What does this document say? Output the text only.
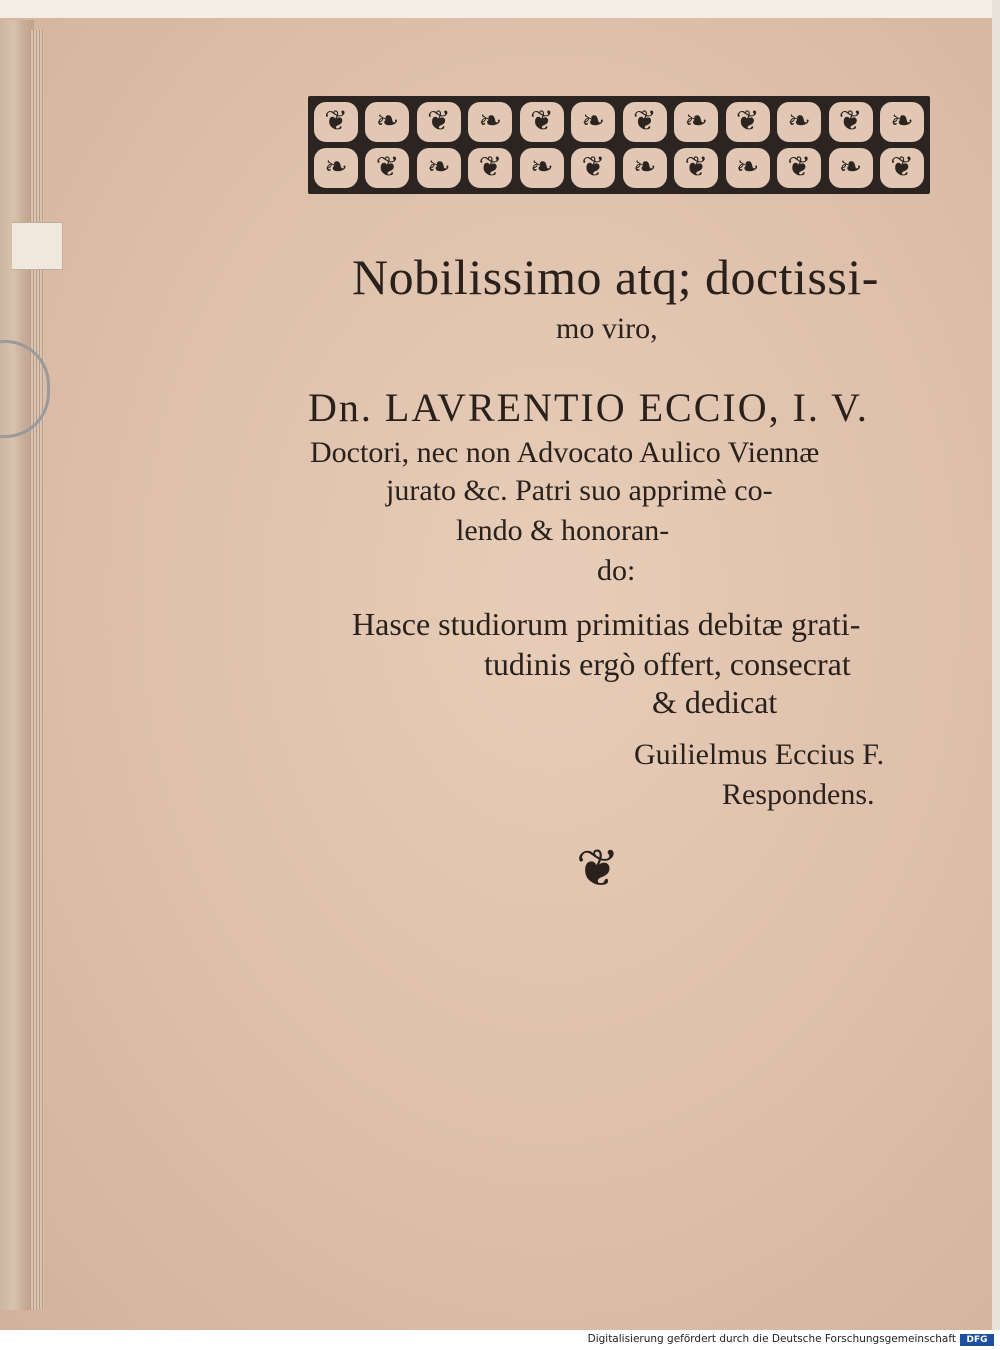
❦ ❧ ❦ ❧ ❦ ❧ ❦ ❧ ❦ ❧ ❦ ❧
❧ ❦ ❧ ❦ ❧ ❦ ❧ ❦ ❧ ❦ ❧ ❦
Nobilissimo atq; doctissi-
mo viro,
Dn. LAVRENTIO ECCIO, I. V.
Doctori, nec non Advocato Aulico Viennæ
jurato &c. Patri suo apprimè co-
lendo & honoran-
do:
Hasce studiorum primitias debitæ grati-
tudinis ergò offert, consecrat
& dedicat
Guilielmus Eccius F.
Respondens.
❦
Digitalisierung gefördert durch die Deutsche Forschungsgemeinschaft	DFG
